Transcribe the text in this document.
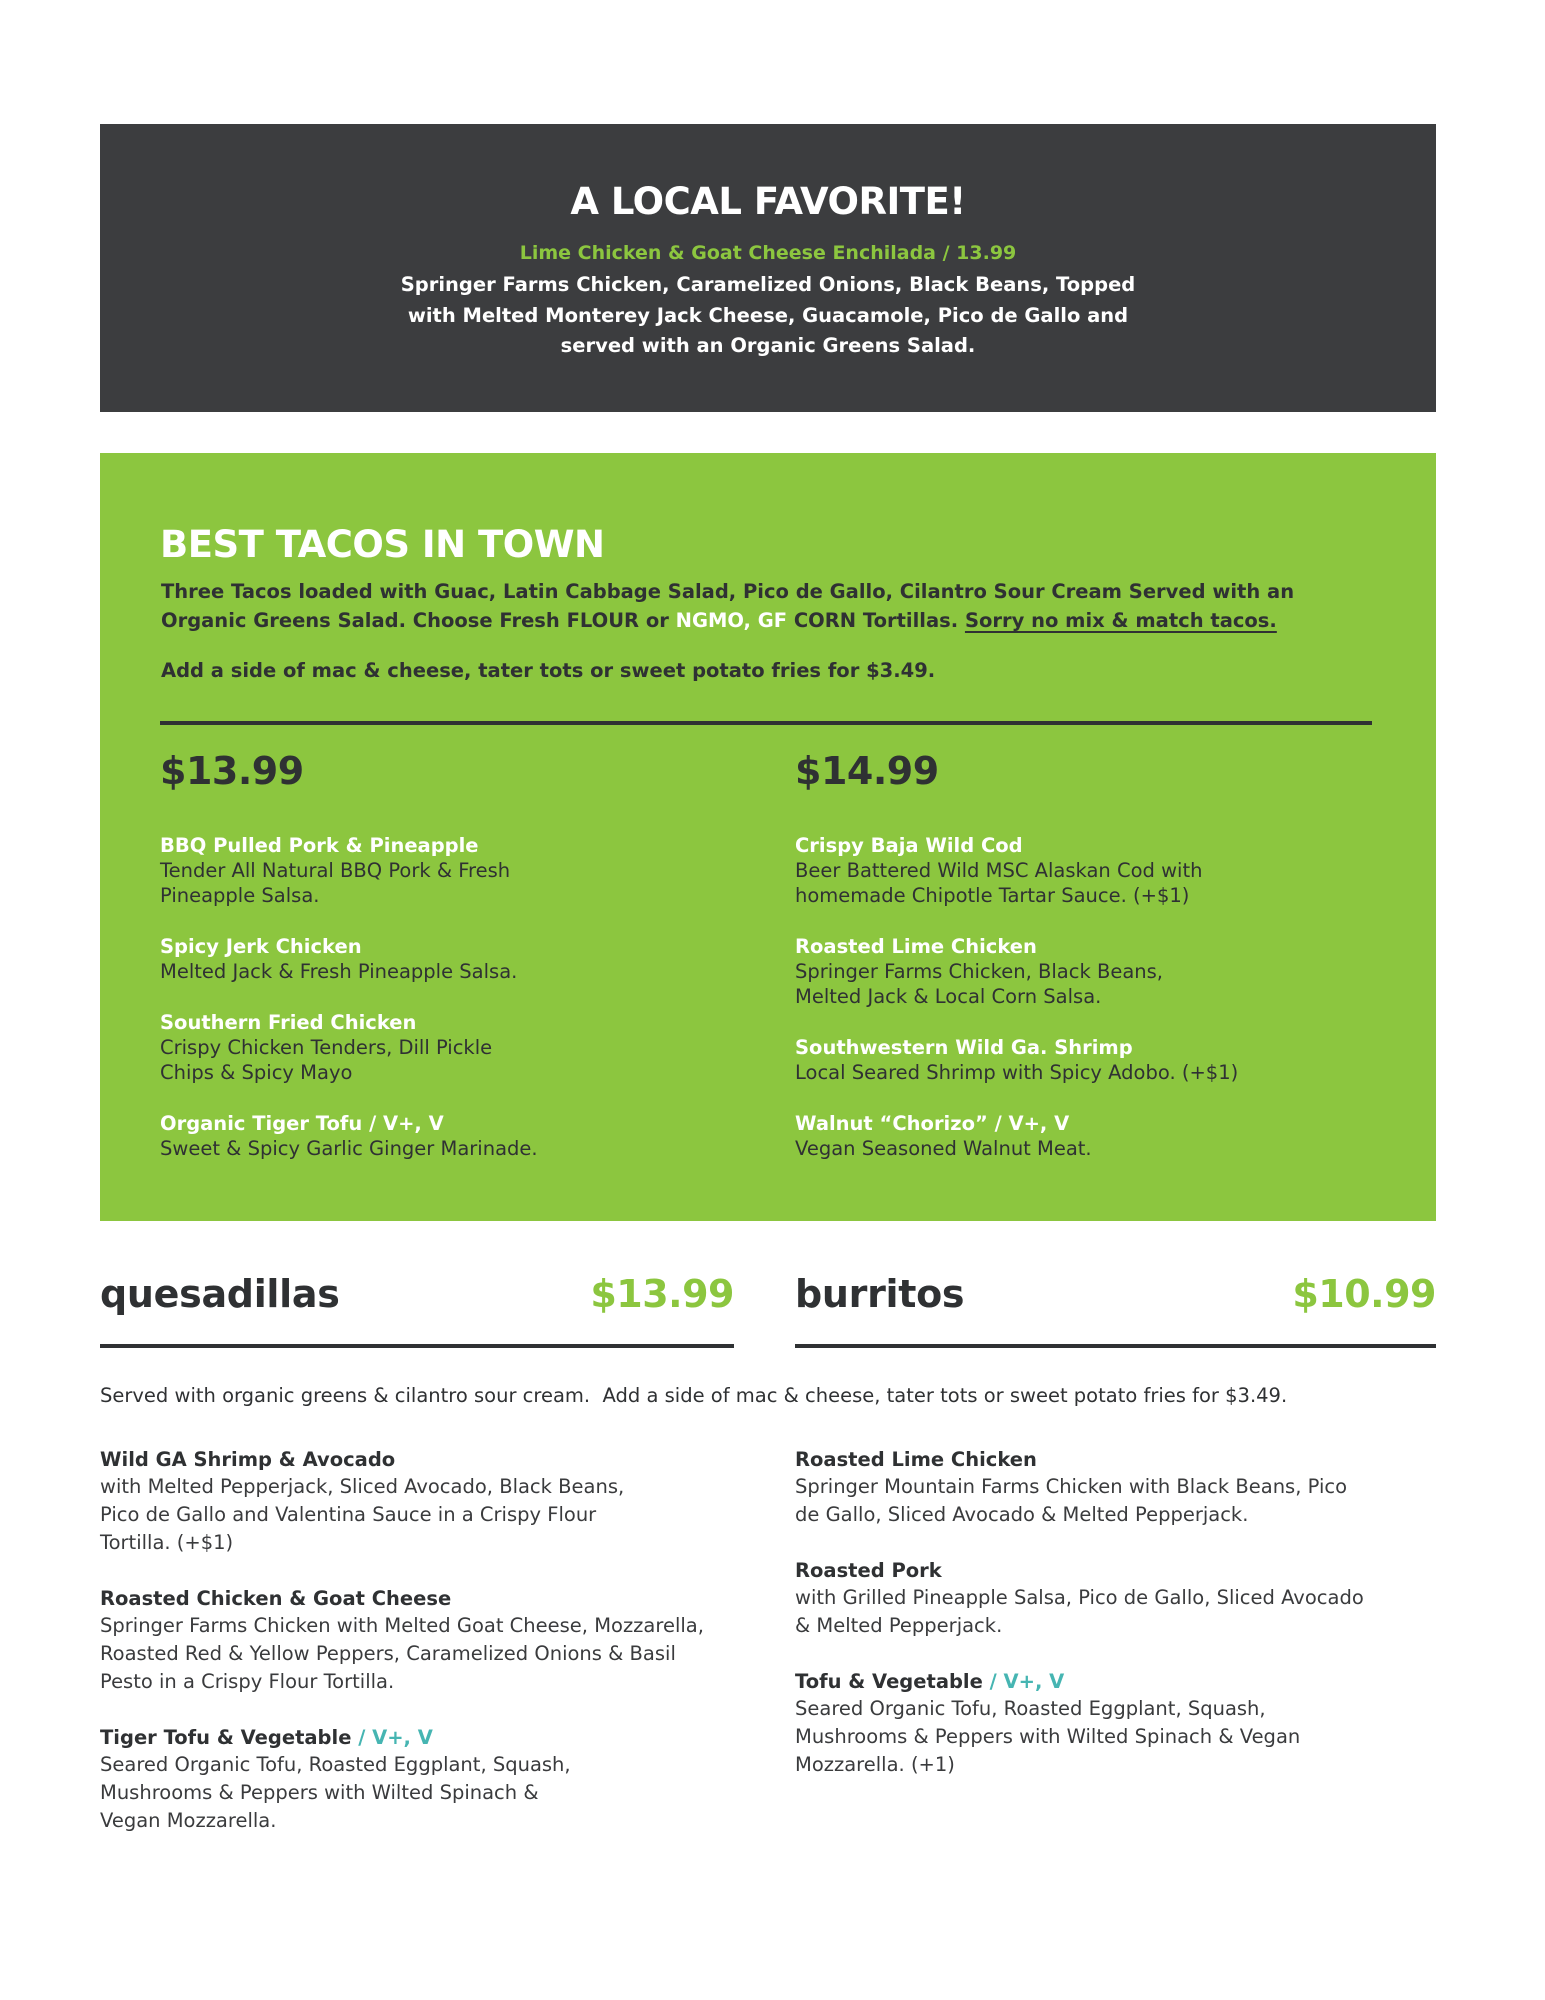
A LOCAL FAVORITE!
Lime Chicken & Goat Cheese Enchilada / 13.99
Springer Farms Chicken, Caramelized Onions, Black Beans, Topped
with Melted Monterey Jack Cheese, Guacamole, Pico de Gallo and
served with an Organic Greens Salad.
BEST TACOS IN TOWN

Three Tacos loaded with Guac, Latin Cabbage Salad, Pico de Gallo, Cilantro Sour Cream Served with an Organic Greens Salad. Choose Fresh FLOUR or NGMO, GF CORN Tortillas. Sorry no mix & match tacos.

Add a side of mac & cheese, tater tots or sweet potato fries for $3.49.

$13.99
BBQ Pulled Pork & Pineapple
Tender All Natural BBQ Pork & Fresh
Pineapple Salsa.
Spicy Jerk Chicken
Melted Jack & Fresh Pineapple Salsa.
Southern Fried Chicken
Crispy Chicken Tenders, Dill Pickle
Chips & Spicy Mayo
Organic Tiger Tofu / V+, V
Sweet & Spicy Garlic Ginger Marinade.
$14.99
Crispy Baja Wild Cod
Beer Battered Wild MSC Alaskan Cod with
homemade Chipotle Tartar Sauce. (+$1)
Roasted Lime Chicken
Springer Farms Chicken, Black Beans,
Melted Jack & Local Corn Salsa.
Southwestern Wild Ga. Shrimp
Local Seared Shrimp with Spicy Adobo. (+$1)
Walnut “Chorizo” / V+, V
Vegan Seasoned Walnut Meat.
quesadillas	$13.99 burritos	$10.99

Served with organic greens & cilantro sour cream.  Add a side of mac & cheese, tater tots or sweet potato fries for $3.49.

Wild GA Shrimp & Avocado
with Melted Pepperjack, Sliced Avocado, Black Beans,
Pico de Gallo and Valentina Sauce in a Crispy Flour
Tortilla. (+$1)
Roasted Chicken & Goat Cheese
Springer Farms Chicken with Melted Goat Cheese, Mozzarella,
Roasted Red & Yellow Peppers, Caramelized Onions & Basil
Pesto in a Crispy Flour Tortilla.
Tiger Tofu & Vegetable / V+, V
Seared Organic Tofu, Roasted Eggplant, Squash,
Mushrooms & Peppers with Wilted Spinach &
Vegan Mozzarella.
Roasted Lime Chicken
Springer Mountain Farms Chicken with Black Beans, Pico
de Gallo, Sliced Avocado & Melted Pepperjack.
Roasted Pork
with Grilled Pineapple Salsa, Pico de Gallo, Sliced Avocado
& Melted Pepperjack.
Tofu & Vegetable / V+, V
Seared Organic Tofu, Roasted Eggplant, Squash,
Mushrooms & Peppers with Wilted Spinach & Vegan
Mozzarella. (+1)
